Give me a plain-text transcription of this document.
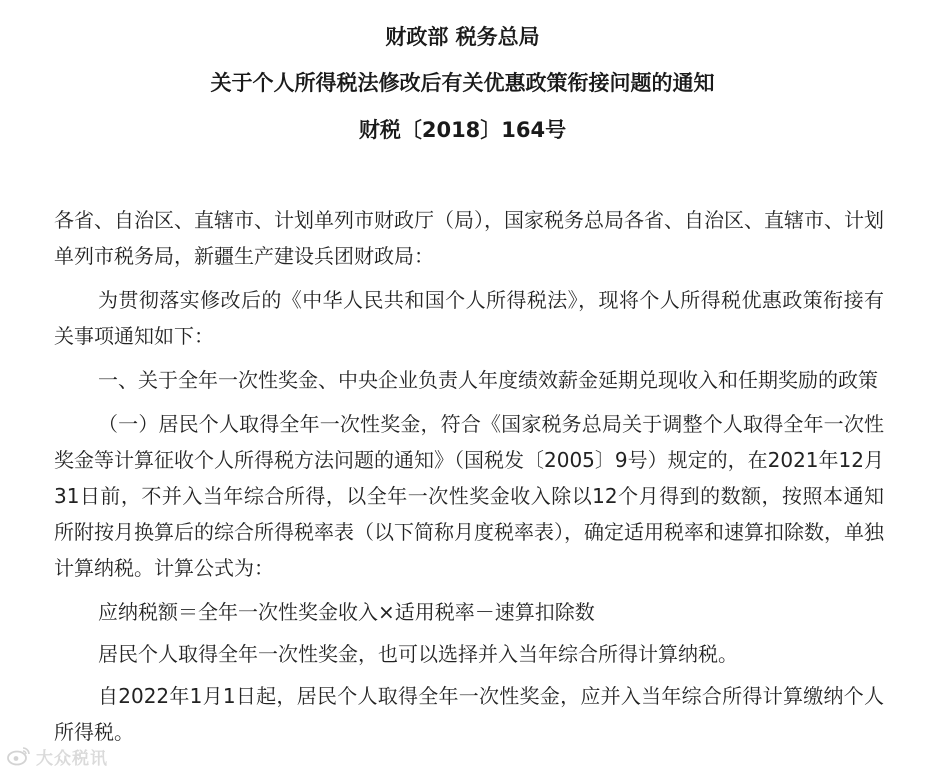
财政部 税务总局
关于个人所得税法修改后有关优惠政策衔接问题的通知
财税〔2018〕164号

各省、自治区、直辖市、计划单列市财政厅（局），国家税务总局各省、自治区、直辖市、计划单列市税务局，新疆生产建设兵团财政局：

为贯彻落实修改后的《中华人民共和国个人所得税法》，现将个人所得税优惠政策衔接有关事项通知如下：

一、关于全年一次性奖金、中央企业负责人年度绩效薪金延期兑现收入和任期奖励的政策

（一）居民个人取得全年一次性奖金，符合《国家税务总局关于调整个人取得全年一次性奖金等计算征收个人所得税方法问题的通知》（国税发〔2005〕9号）规定的，在2021年12月31日前，不并入当年综合所得，以全年一次性奖金收入除以12个月得到的数额，按照本通知所附按月换算后的综合所得税率表（以下简称月度税率表），确定适用税率和速算扣除数，单独计算纳税。计算公式为：

应纳税额＝全年一次性奖金收入×适用税率－速算扣除数

居民个人取得全年一次性奖金，也可以选择并入当年综合所得计算纳税。

自2022年1月1日起，居民个人取得全年一次性奖金，应并入当年综合所得计算缴纳个人所得税。

大众税讯
